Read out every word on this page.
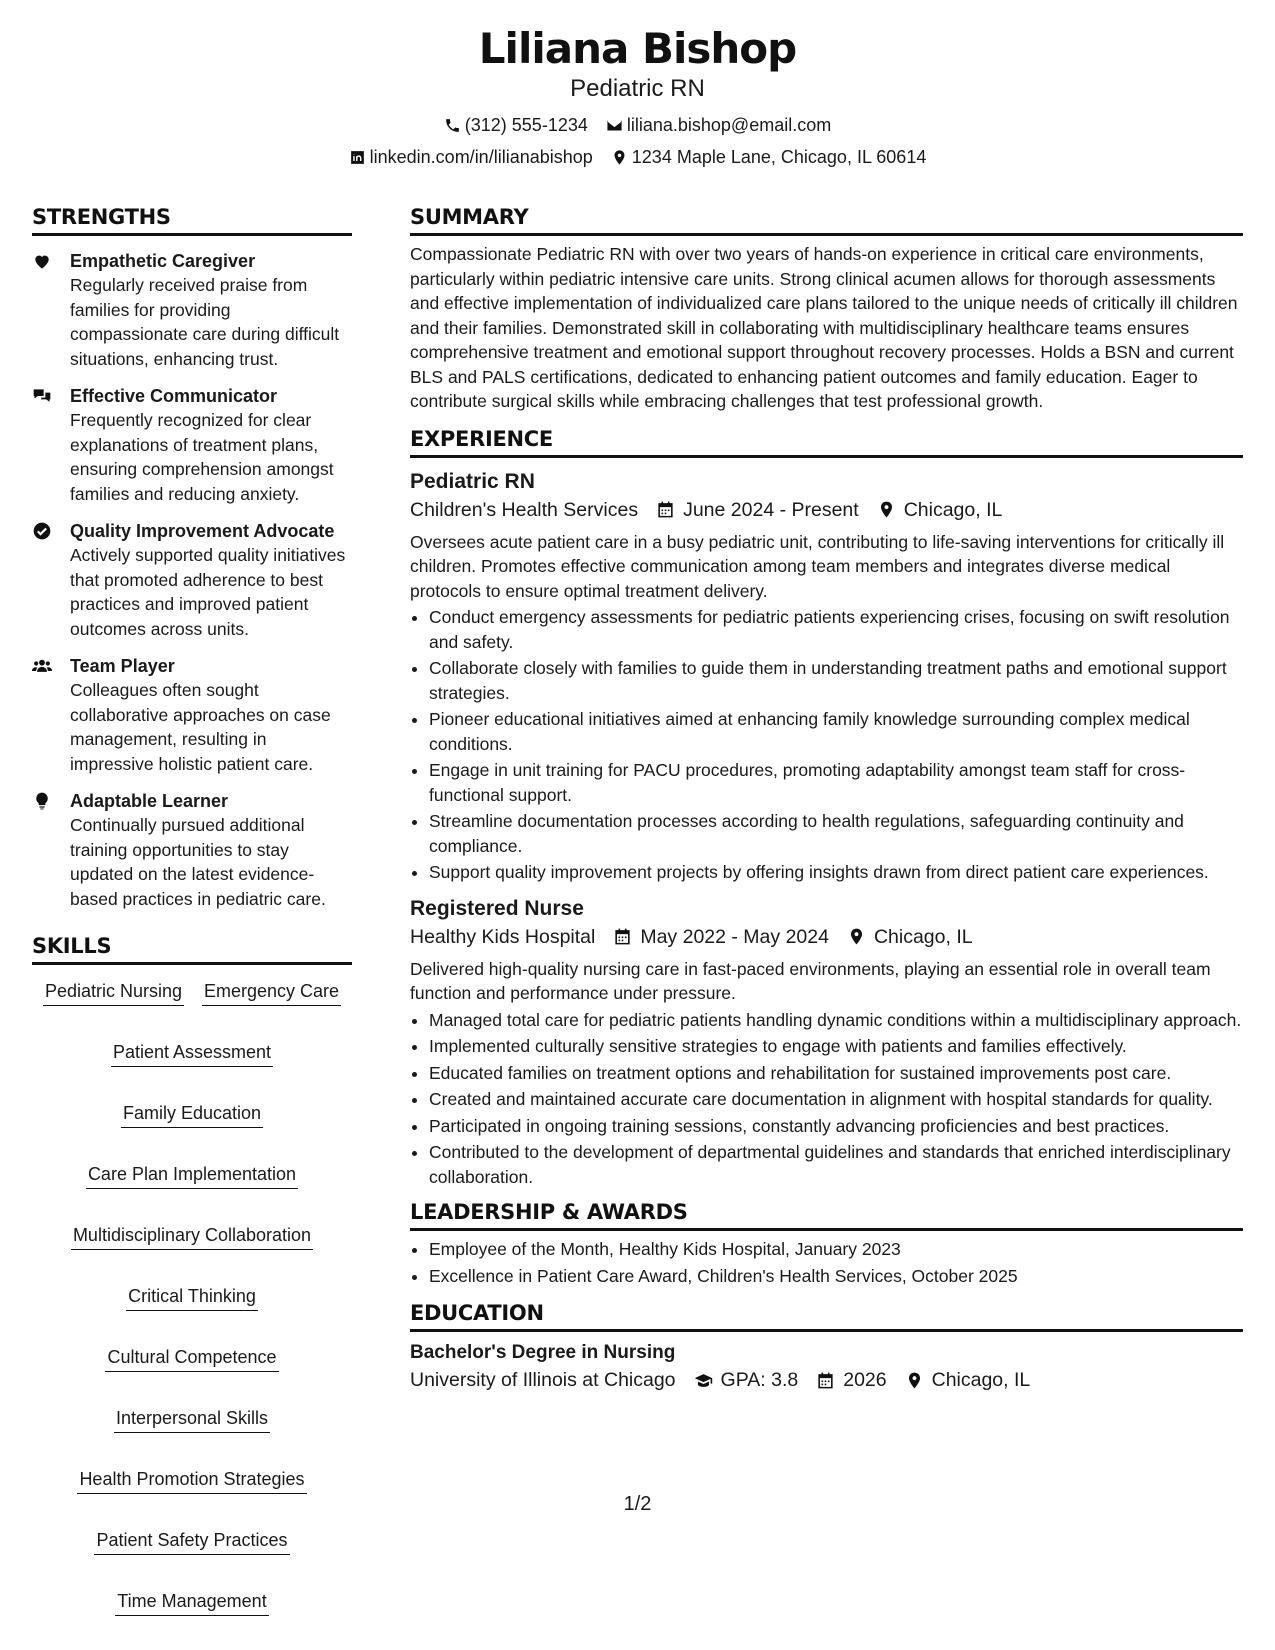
Liliana Bishop
Pediatric RN
(312) 555-1234 liliana.bishop@email.com
linkedin.com/in/lilianabishop 1234 Maple Lane, Chicago, IL 60614
STRENGTHS
Empathetic Caregiver
Regularly received praise from families for providing compassionate care during difficult situations, enhancing trust.
Effective Communicator
Frequently recognized for clear explanations of treatment plans, ensuring comprehension amongst families and reducing anxiety.
Quality Improvement Advocate
Actively supported quality initiatives that promoted adherence to best practices and improved patient outcomes across units.
Team Player
Colleagues often sought collaborative approaches on case management, resulting in impressive holistic patient care.
Adaptable Learner
Continually pursued additional training opportunities to stay updated on the latest evidence-based practices in pediatric care.
SKILLS
Pediatric Nursing Emergency Care
Patient Assessment
Family Education
Care Plan Implementation
Multidisciplinary Collaboration
Critical Thinking
Cultural Competence
Interpersonal Skills
Health Promotion Strategies
Patient Safety Practices
Time Management
SUMMARY
Compassionate Pediatric RN with over two years of hands-on experience in critical care environments, particularly within pediatric intensive care units. Strong clinical acumen allows for thorough assessments and effective implementation of individualized care plans tailored to the unique needs of critically ill children and their families. Demonstrated skill in collaborating with multidisciplinary healthcare teams ensures comprehensive treatment and emotional support throughout recovery processes. Holds a BSN and current BLS and PALS certifications, dedicated to enhancing patient outcomes and family education. Eager to contribute surgical skills while embracing challenges that test professional growth.
EXPERIENCE
Pediatric RN
Children's Health Services June 2024 - Present Chicago, IL
Oversees acute patient care in a busy pediatric unit, contributing to life-saving interventions for critically ill children. Promotes effective communication among team members and integrates diverse medical protocols to ensure optimal treatment delivery.
• Conduct emergency assessments for pediatric patients experiencing crises, focusing on swift resolution and safety.
• Collaborate closely with families to guide them in understanding treatment paths and emotional support strategies.
• Pioneer educational initiatives aimed at enhancing family knowledge surrounding complex medical conditions.
• Engage in unit training for PACU procedures, promoting adaptability amongst team staff for cross-functional support.
• Streamline documentation processes according to health regulations, safeguarding continuity and compliance.
• Support quality improvement projects by offering insights drawn from direct patient care experiences.
Registered Nurse
Healthy Kids Hospital May 2022 - May 2024 Chicago, IL
Delivered high-quality nursing care in fast-paced environments, playing an essential role in overall team function and performance under pressure.
• Managed total care for pediatric patients handling dynamic conditions within a multidisciplinary approach.
• Implemented culturally sensitive strategies to engage with patients and families effectively.
• Educated families on treatment options and rehabilitation for sustained improvements post care.
• Created and maintained accurate care documentation in alignment with hospital standards for quality.
• Participated in ongoing training sessions, constantly advancing proficiencies and best practices.
• Contributed to the development of departmental guidelines and standards that enriched interdisciplinary collaboration.
LEADERSHIP & AWARDS
• Employee of the Month, Healthy Kids Hospital, January 2023
• Excellence in Patient Care Award, Children's Health Services, October 2025
EDUCATION
Bachelor's Degree in Nursing
University of Illinois at Chicago GPA: 3.8 2026 Chicago, IL
1/2
